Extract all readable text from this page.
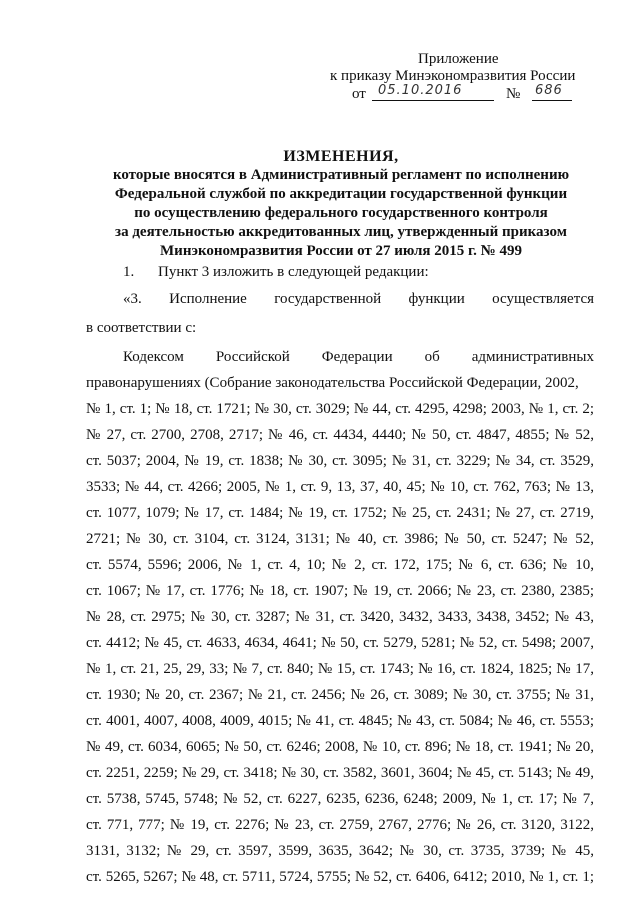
Приложение
к приказу Минэкономразвития России
от 05.10.2016	№ 686
ИЗМЕНЕНИЯ,
которые вносятся в Административный регламент по исполнению
Федеральной службой по аккредитации государственной функции
по осуществлению федерального государственного контроля
за деятельностью аккредитованных лиц, утвержденный приказом
Минэкономразвития России от 27 июля 2015 г. № 499
1. Пункт 3 изложить в следующей редакции:
«3. Исполнение государственной функции осуществляется
в соответствии с:
Кодексом Российской Федерации об административных
правонарушениях (Собрание законодательства Российской Федерации, 2002,
№ 1, ст. 1; № 18, ст. 1721; № 30, ст. 3029; № 44, ст. 4295, 4298; 2003, № 1, ст. 2;
№ 27, ст. 2700, 2708, 2717; № 46, ст. 4434, 4440; № 50, ст. 4847, 4855; № 52,
ст. 5037; 2004, № 19, ст. 1838; № 30, ст. 3095; № 31, ст. 3229; № 34, ст. 3529,
3533; № 44, ст. 4266; 2005, № 1, ст. 9, 13, 37, 40, 45; № 10, ст. 762, 763; № 13,
ст. 1077, 1079; № 17, ст. 1484; № 19, ст. 1752; № 25, ст. 2431; № 27, ст. 2719,
2721; № 30, ст. 3104, ст. 3124, 3131; № 40, ст. 3986; № 50, ст. 5247; № 52,
ст. 5574, 5596; 2006, № 1, ст. 4, 10; № 2, ст. 172, 175; № 6, ст. 636; № 10,
ст. 1067; № 17, ст. 1776; № 18, ст. 1907; № 19, ст. 2066; № 23, ст. 2380, 2385;
№ 28, ст. 2975; № 30, ст. 3287; № 31, ст. 3420, 3432, 3433, 3438, 3452; № 43,
ст. 4412; № 45, ст. 4633, 4634, 4641; № 50, ст. 5279, 5281; № 52, ст. 5498; 2007,
№ 1, ст. 21, 25, 29, 33; № 7, ст. 840; № 15, ст. 1743; № 16, ст. 1824, 1825; № 17,
ст. 1930; № 20, ст. 2367; № 21, ст. 2456; № 26, ст. 3089; № 30, ст. 3755; № 31,
ст. 4001, 4007, 4008, 4009, 4015; № 41, ст. 4845; № 43, ст. 5084; № 46, ст. 5553;
№ 49, ст. 6034, 6065; № 50, ст. 6246; 2008, № 10, ст. 896; № 18, ст. 1941; № 20,
ст. 2251, 2259; № 29, ст. 3418; № 30, ст. 3582, 3601, 3604; № 45, ст. 5143; № 49,
ст. 5738, 5745, 5748; № 52, ст. 6227, 6235, 6236, 6248; 2009, № 1, ст. 17; № 7,
ст. 771, 777; № 19, ст. 2276; № 23, ст. 2759, 2767, 2776; № 26, ст. 3120, 3122,
3131, 3132; № 29, ст. 3597, 3599, 3635, 3642; № 30, ст. 3735, 3739; № 45,
ст. 5265, 5267; № 48, ст. 5711, 5724, 5755; № 52, ст. 6406, 6412; 2010, № 1, ст. 1;
